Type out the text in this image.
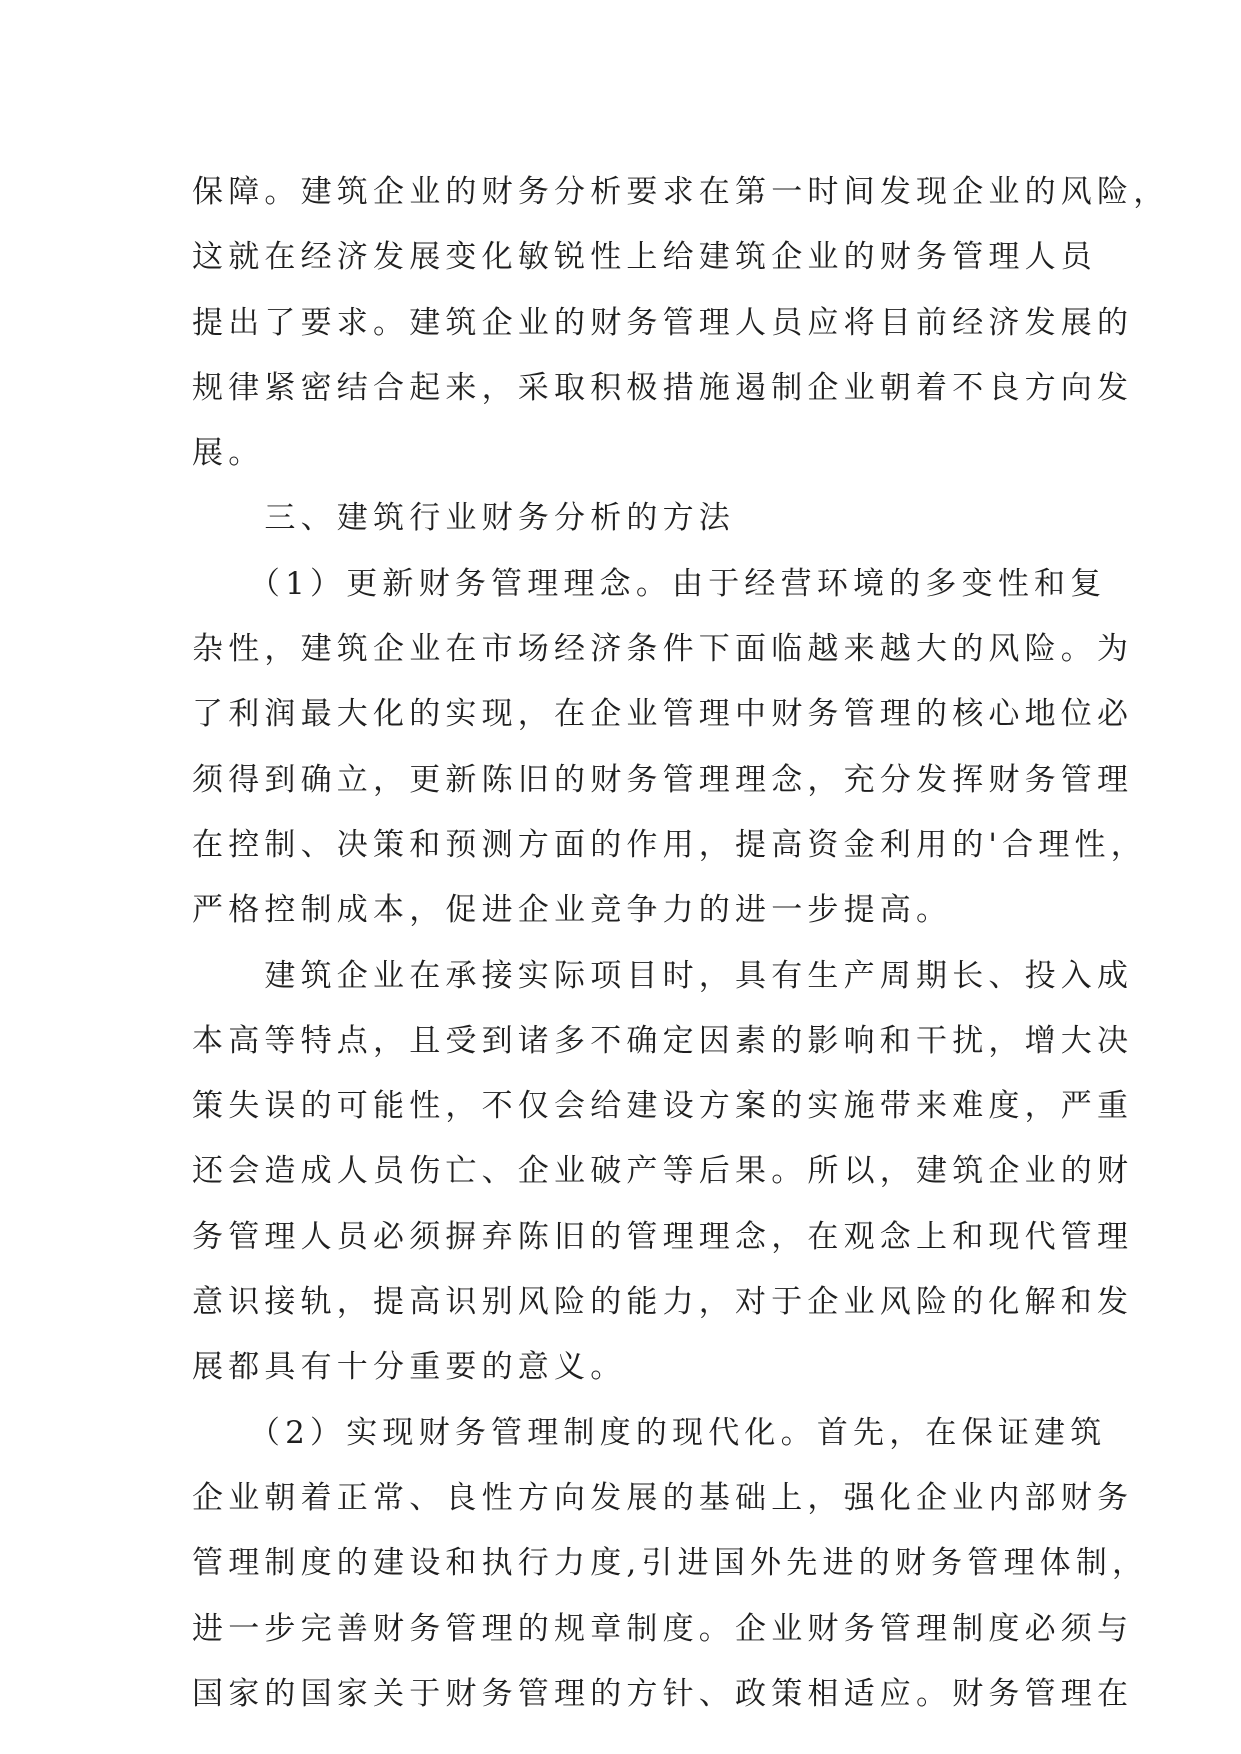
保障。建筑企业的财务分析要求在第一时间发现企业的风险，
这就在经济发展变化敏锐性上给建筑企业的财务管理人员
提出了要求。建筑企业的财务管理人员应将目前经济发展的
规律紧密结合起来，采取积极措施遏制企业朝着不良方向发
展。
　　三、建筑行业财务分析的方法
　　（1）更新财务管理理念。由于经营环境的多变性和复
杂性，建筑企业在市场经济条件下面临越来越大的风险。为
了利润最大化的实现，在企业管理中财务管理的核心地位必
须得到确立，更新陈旧的财务管理理念，充分发挥财务管理
在控制、决策和预测方面的作用，提高资金利用的'合理性，
严格控制成本，促进企业竞争力的进一步提高。
　　建筑企业在承接实际项目时，具有生产周期长、投入成
本高等特点，且受到诸多不确定因素的影响和干扰，增大决
策失误的可能性，不仅会给建设方案的实施带来难度，严重
还会造成人员伤亡、企业破产等后果。所以，建筑企业的财
务管理人员必须摒弃陈旧的管理理念，在观念上和现代管理
意识接轨，提高识别风险的能力，对于企业风险的化解和发
展都具有十分重要的意义。
　　（2）实现财务管理制度的现代化。首先，在保证建筑
企业朝着正常、良性方向发展的基础上，强化企业内部财务
管理制度的建设和执行力度,引进国外先进的财务管理体制，
进一步完善财务管理的规章制度。企业财务管理制度必须与
国家的国家关于财务管理的方针、政策相适应。财务管理在
